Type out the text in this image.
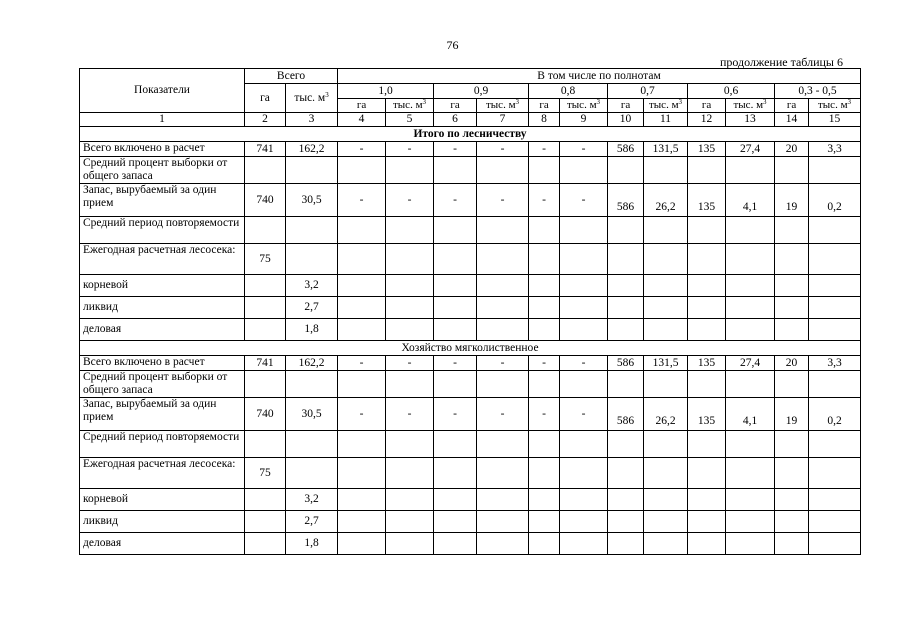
76
продолжение таблицы 6
Показатели	Всего		В том числе по полнотам											
	га	тыс. $м^3$	1,0		0,9		0,8		0,7		0,6		0,3 - 0,5	
			га	тыс. $м^3$	га	тыс. $м^3$	га	тыс. $м^3$	га	тыс. $м^3$	га	тыс. $м^3$	га	тыс. $м^3$
1	2	3	4	5	6	7	8	9	10	11	12	13	14	15
Итого по лесничеству														
Всего включено в расчет	741	162,2	-	-	-	-	-	-	586	131,5	135	27,4	20	3,3
Средний процент выборки от общего запаса														
Запас, вырубаемый за один прием	740	30,5	-	-	-	-	-	-	586	26,2	135	4,1	19	0,2
Средний период повторяемости														
Ежегодная расчетная лесосека:	75													
корневой		3,2												
ликвид		2,7												
деловая		1,8												
Хозяйство мягколиственное														
Всего включено в расчет	741	162,2	-	-	-	-	-	-	586	131,5	135	27,4	20	3,3
Средний процент выборки от общего запаса														
Запас, вырубаемый за один прием	740	30,5	-	-	-	-	-	-	586	26,2	135	4,1	19	0,2
Средний период повторяемости														
Ежегодная расчетная лесосека:	75													
корневой		3,2												
ликвид		2,7												
деловая		1,8												
